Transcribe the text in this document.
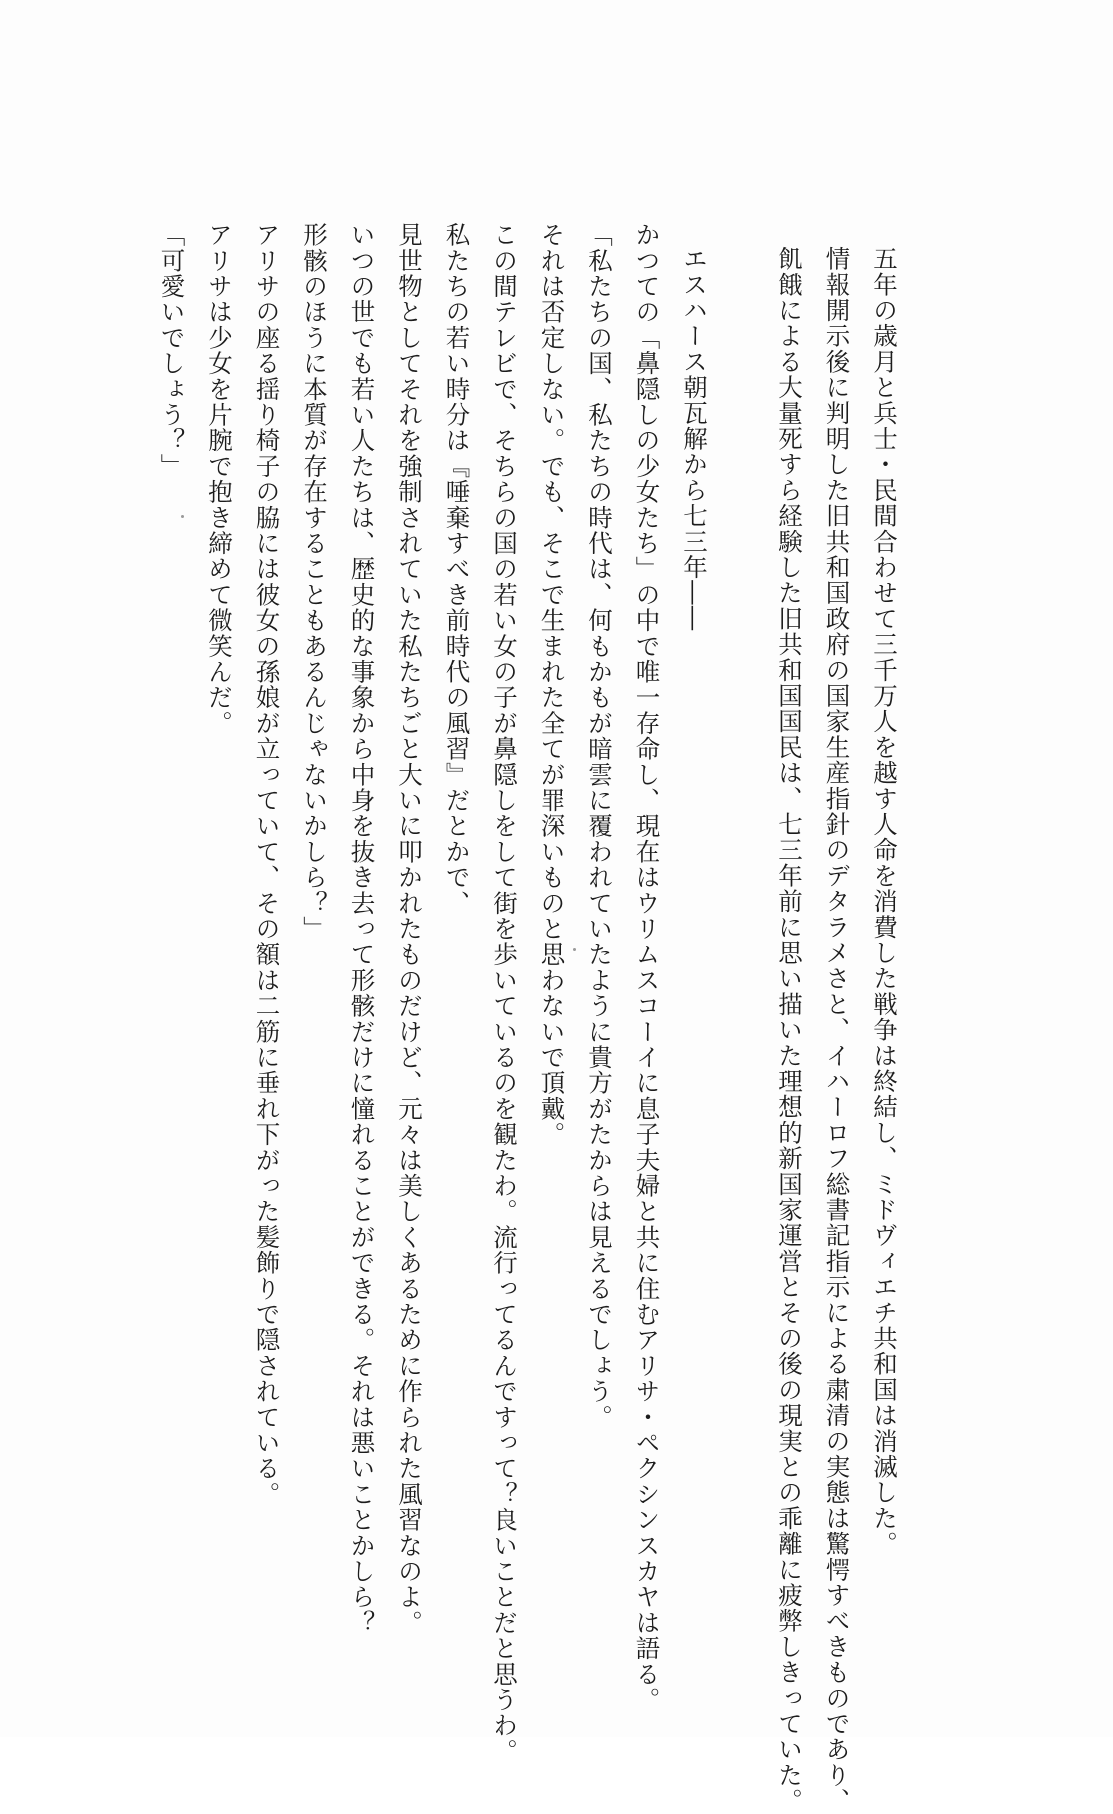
五年の歳月と兵士・民間合わせて三千万人を越す人命を消費した戦争は終結し、ミドヴィエチ共和国は消滅した。
情報開示後に判明した旧共和国政府の国家生産指針のデタラメさと、イハーロフ総書記指示による粛清の実態は驚愕すべきものであり、
飢餓による大量死すら経験した旧共和国国民は、七三年前に思い描いた理想的新国家運営とその後の現実との乖離に疲弊しきっていた。
エスハース朝瓦解から七三年――
かつての「鼻隠しの少女たち」の中で唯一存命し、現在はウリムスコーイに息子夫婦と共に住むアリサ・ペクシンスカヤは語る。
「私たちの国、私たちの時代は、何もかもが暗雲に覆われていたように貴方がたからは見えるでしょう。
それは否定しない。でも、そこで生まれた全てが罪深いものと思わないで頂戴。
この間テレビで、そちらの国の若い女の子が鼻隠しをして街を歩いているのを観たわ。流行ってるんですって？良いことだと思うわ。
私たちの若い時分は『唾棄すべき前時代の風習』だとかで、
見世物としてそれを強制されていた私たちごと大いに叩かれたものだけど、元々は美しくあるために作られた風習なのよ。
いつの世でも若い人たちは、歴史的な事象から中身を抜き去って形骸だけに憧れることができる。それは悪いことかしら？
形骸のほうに本質が存在することもあるんじゃないかしら？」
アリサの座る揺り椅子の脇には彼女の孫娘が立っていて、その額は二筋に垂れ下がった髪飾りで隠されている。
アリサは少女を片腕で抱き締めて微笑んだ。
「可愛いでしょう？」
